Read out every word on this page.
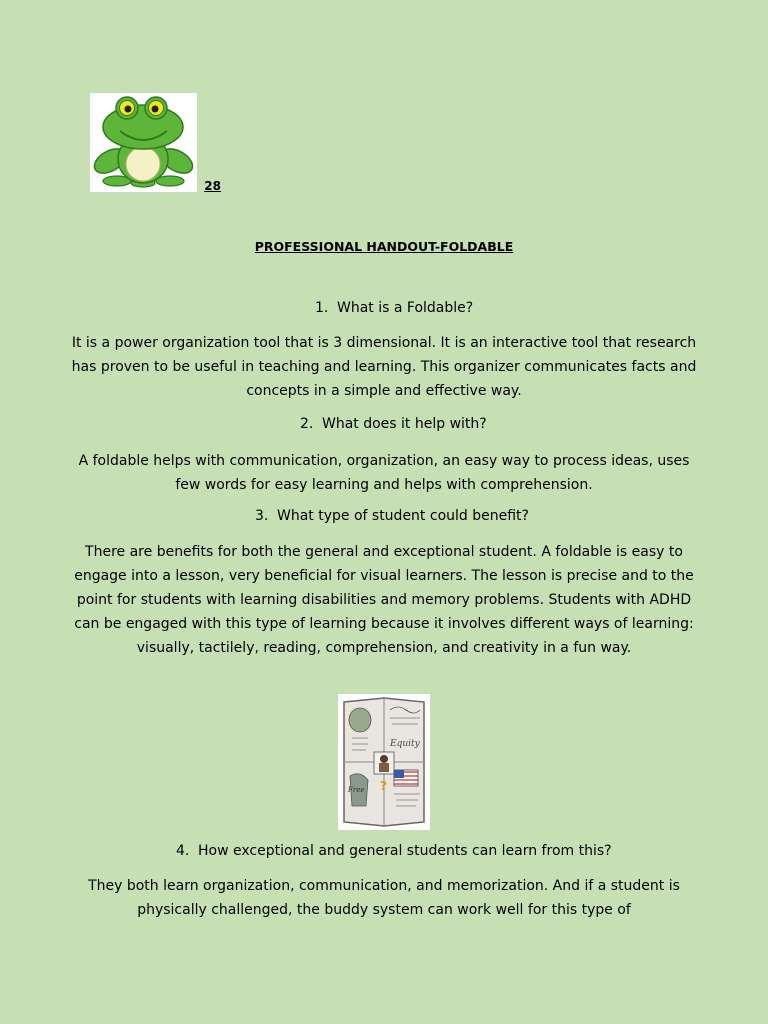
28
PROFESSIONAL HANDOUT-FOLDABLE
1. What is a Foldable?
It is a power organization tool that is 3 dimensional. It is an interactive tool that research has proven to be useful in teaching and learning. This organizer communicates facts and concepts in a simple and effective way.
2. What does it help with?
A foldable helps with communication, organization, an easy way to process ideas, uses few words for easy learning and helps with comprehension.
3. What type of student could benefit?
There are benefits for both the general and exceptional student. A foldable is easy to engage into a lesson, very beneficial for visual learners. The lesson is precise and to the point for students with learning disabilities and memory problems. Students with ADHD can be engaged with this type of learning because it involves different ways of learning: visually, tactilely, reading, comprehension, and creativity in a fun way.
Equity
?
Free
4. How exceptional and general students can learn from this?
They both learn organization, communication, and memorization. And if a student is physically challenged, the buddy system can work well for this type of
